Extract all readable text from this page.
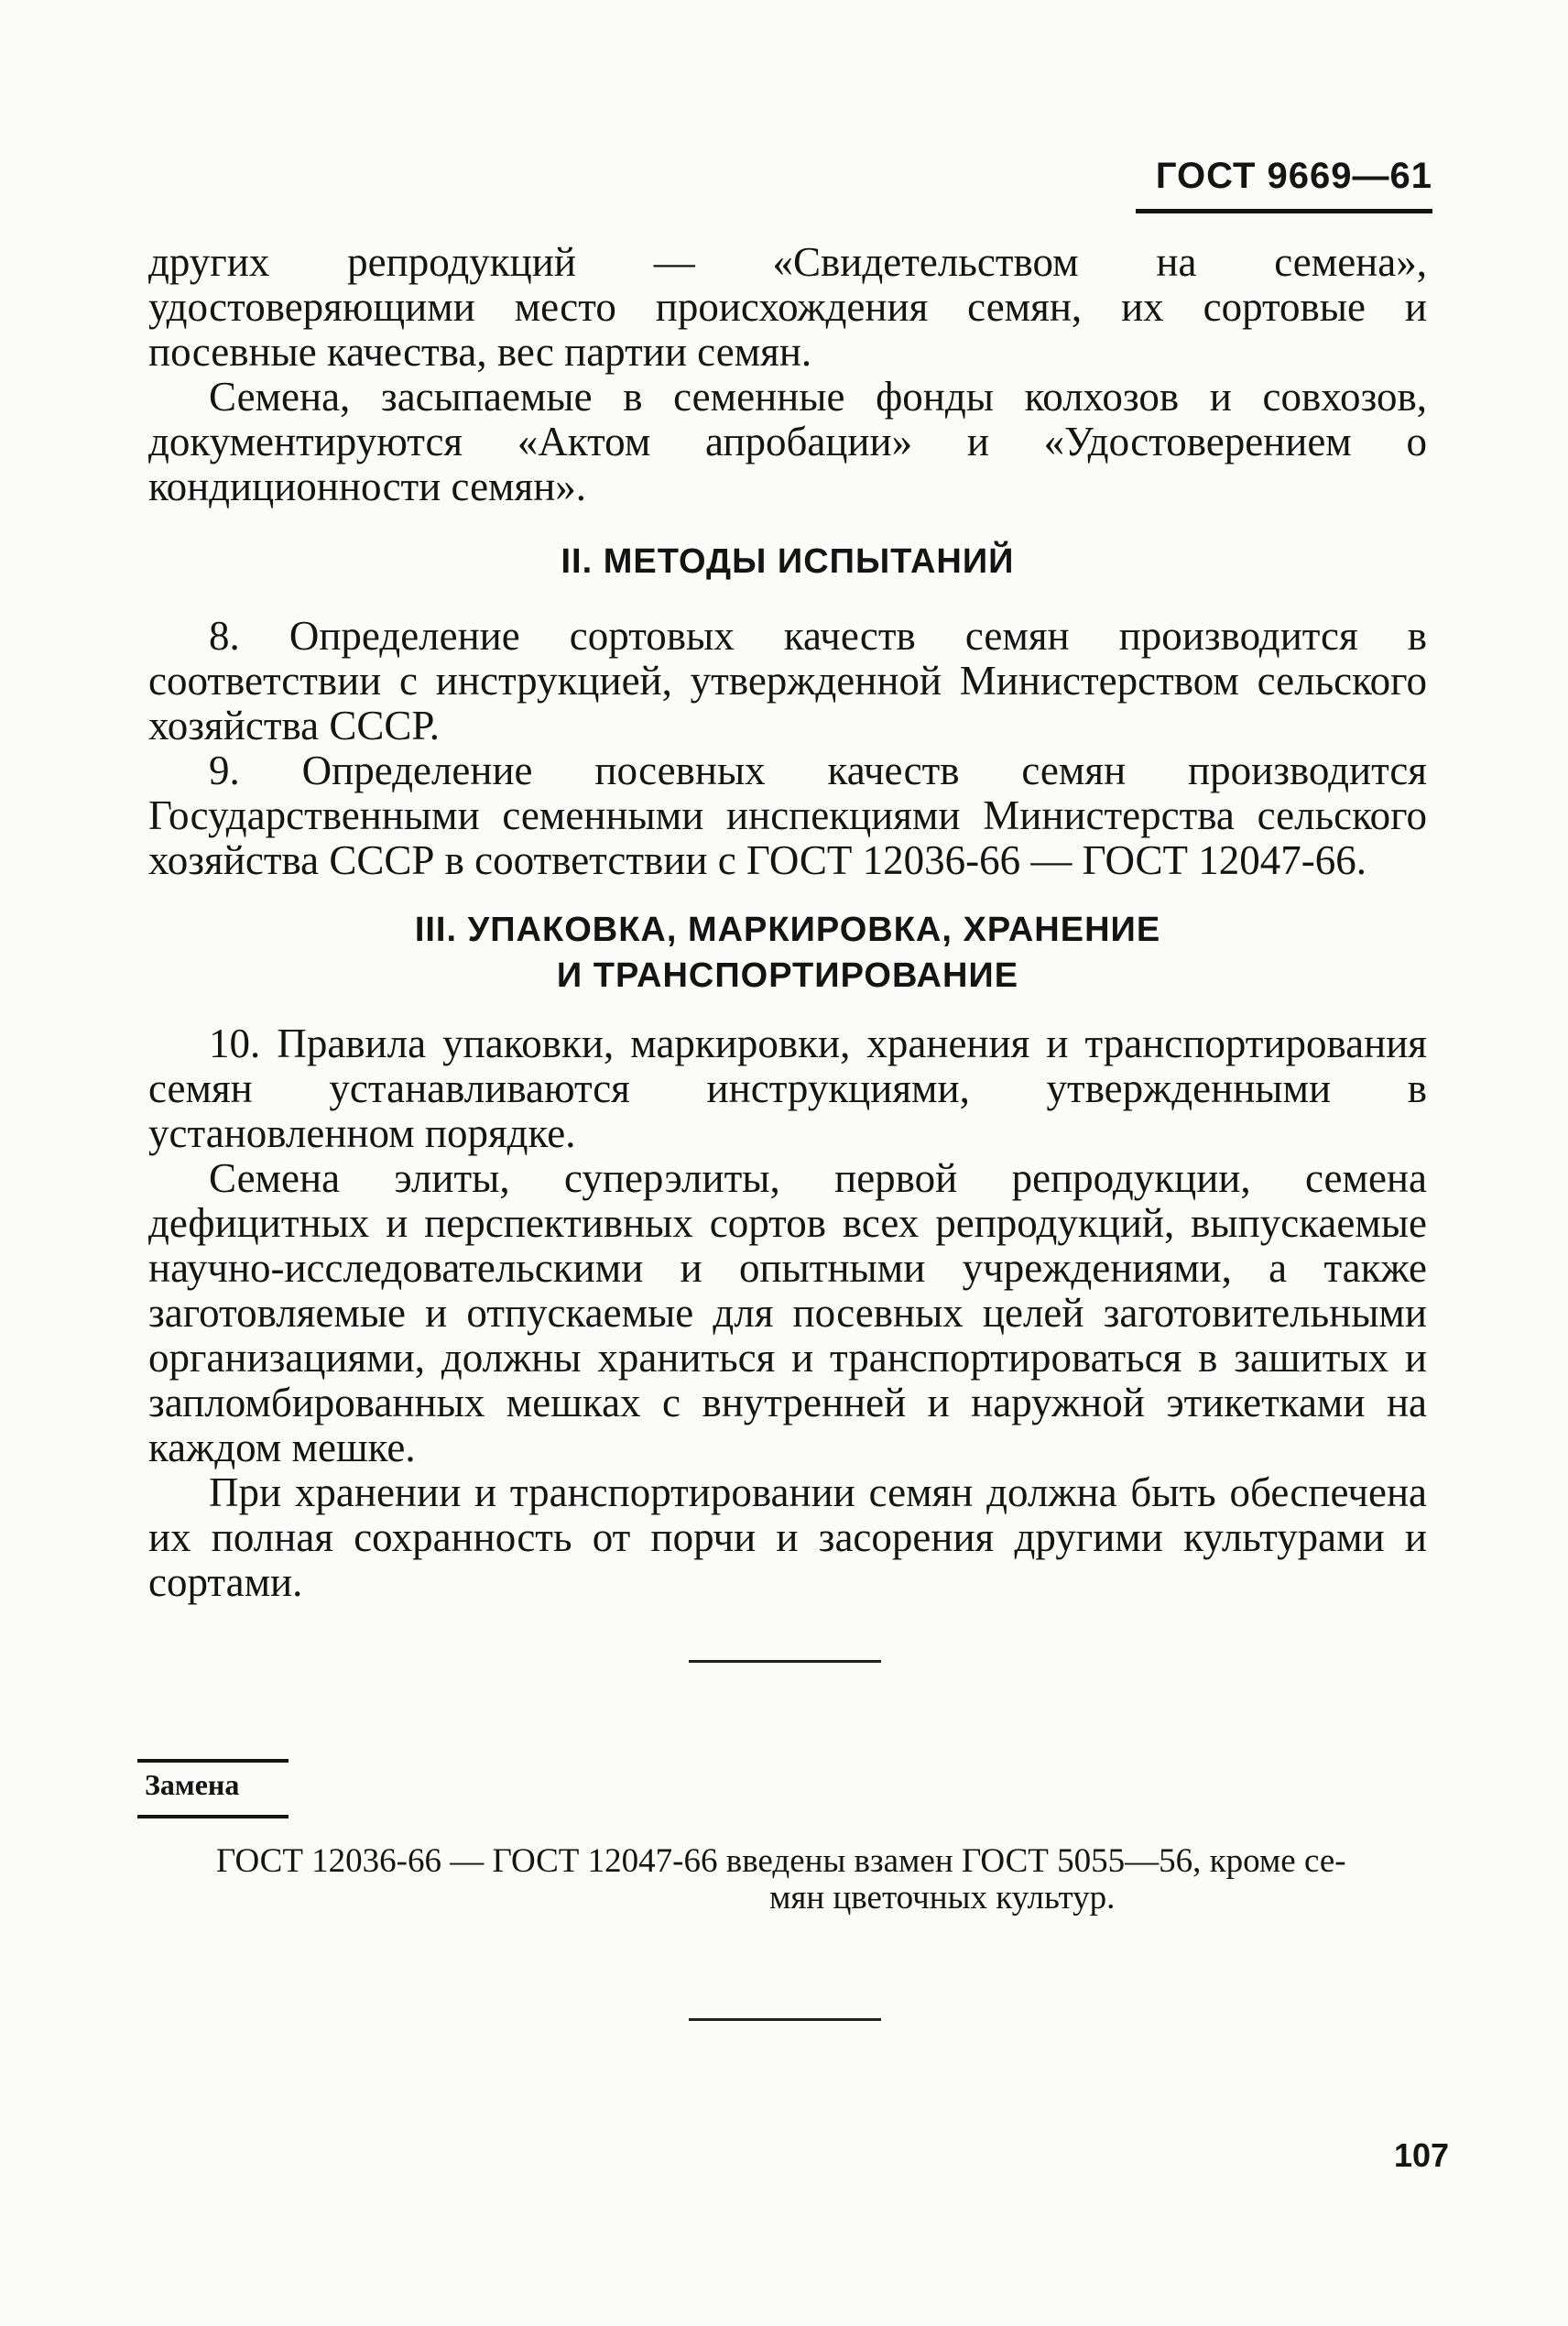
ГОСТ 9669—61

других репродукций — «Свидетельством на семена», удостоверяющими место происхождения семян, их сортовые и посевные качества, вес партии семян.

Семена, засыпаемые в семенные фонды колхозов и совхозов, документируются «Актом апробации» и «Удостоверением о кондиционности семян».

II. МЕТОДЫ ИСПЫТАНИЙ

8. Определение сортовых качеств семян производится в соответствии с инструкцией, утвержденной Министерством сельского хозяйства СССР.

9. Определение посевных качеств семян производится Государственными семенными инспекциями Министерства сельского хозяйства СССР в соответствии с ГОСТ 12036-66 — ГОСТ 12047-66.

III. УПАКОВКА, МАРКИРОВКА, ХРАНЕНИЕ
И ТРАНСПОРТИРОВАНИЕ

10. Правила упаковки, маркировки, хранения и транспортирования семян устанавливаются инструкциями, утвержденными в установленном порядке.

Семена элиты, суперэлиты, первой репродукции, семена дефицитных и перспективных сортов всех репродукций, выпускаемые научно-исследовательскими и опытными учреждениями, а также заготовляемые и отпускаемые для посевных целей заготовительными организациями, должны храниться и транспортироваться в зашитых и запломбированных мешках с внутренней и наружной этикетками на каждом мешке.

При хранении и транспортировании семян должна быть обеспечена их полная сохранность от порчи и засорения другими культурами и сортами.

Замена
ГОСТ 12036-66 — ГОСТ 12047-66 введены взамен ГОСТ 5055—56, кроме се-
мян цветочных культур.
107
